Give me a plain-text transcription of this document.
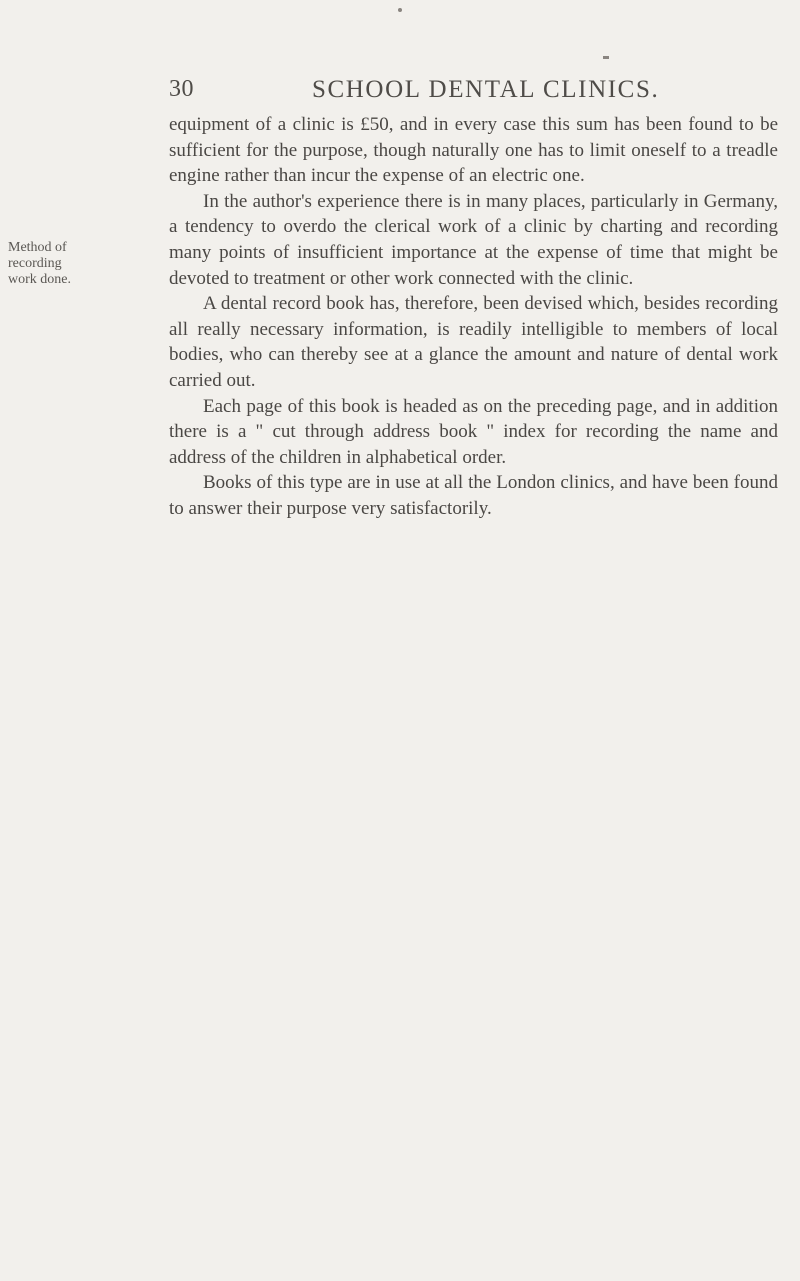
30	SCHOOL DENTAL CLINICS.
Method of
recording
work done.

equipment of a clinic is £50, and in every case this sum has been found to be sufficient for the purpose, though naturally one has to limit oneself to a treadle engine rather than incur the expense of an electric one.

In the author's experience there is in many places, particularly in Germany, a tendency to overdo the clerical work of a clinic by charting and recording many points of insufficient importance at the expense of time that might be devoted to treatment or other work connected with the clinic.

A dental record book has, therefore, been devised which, besides recording all really necessary information, is readily intelligible to members of local bodies, who can thereby see at a glance the amount and nature of dental work carried out.

Each page of this book is headed as on the preceding page, and in addition there is a " cut through address book " index for recording the name and address of the children in alphabetical order.

Books of this type are in use at all the London clinics, and have been found to answer their purpose very satisfactorily.
